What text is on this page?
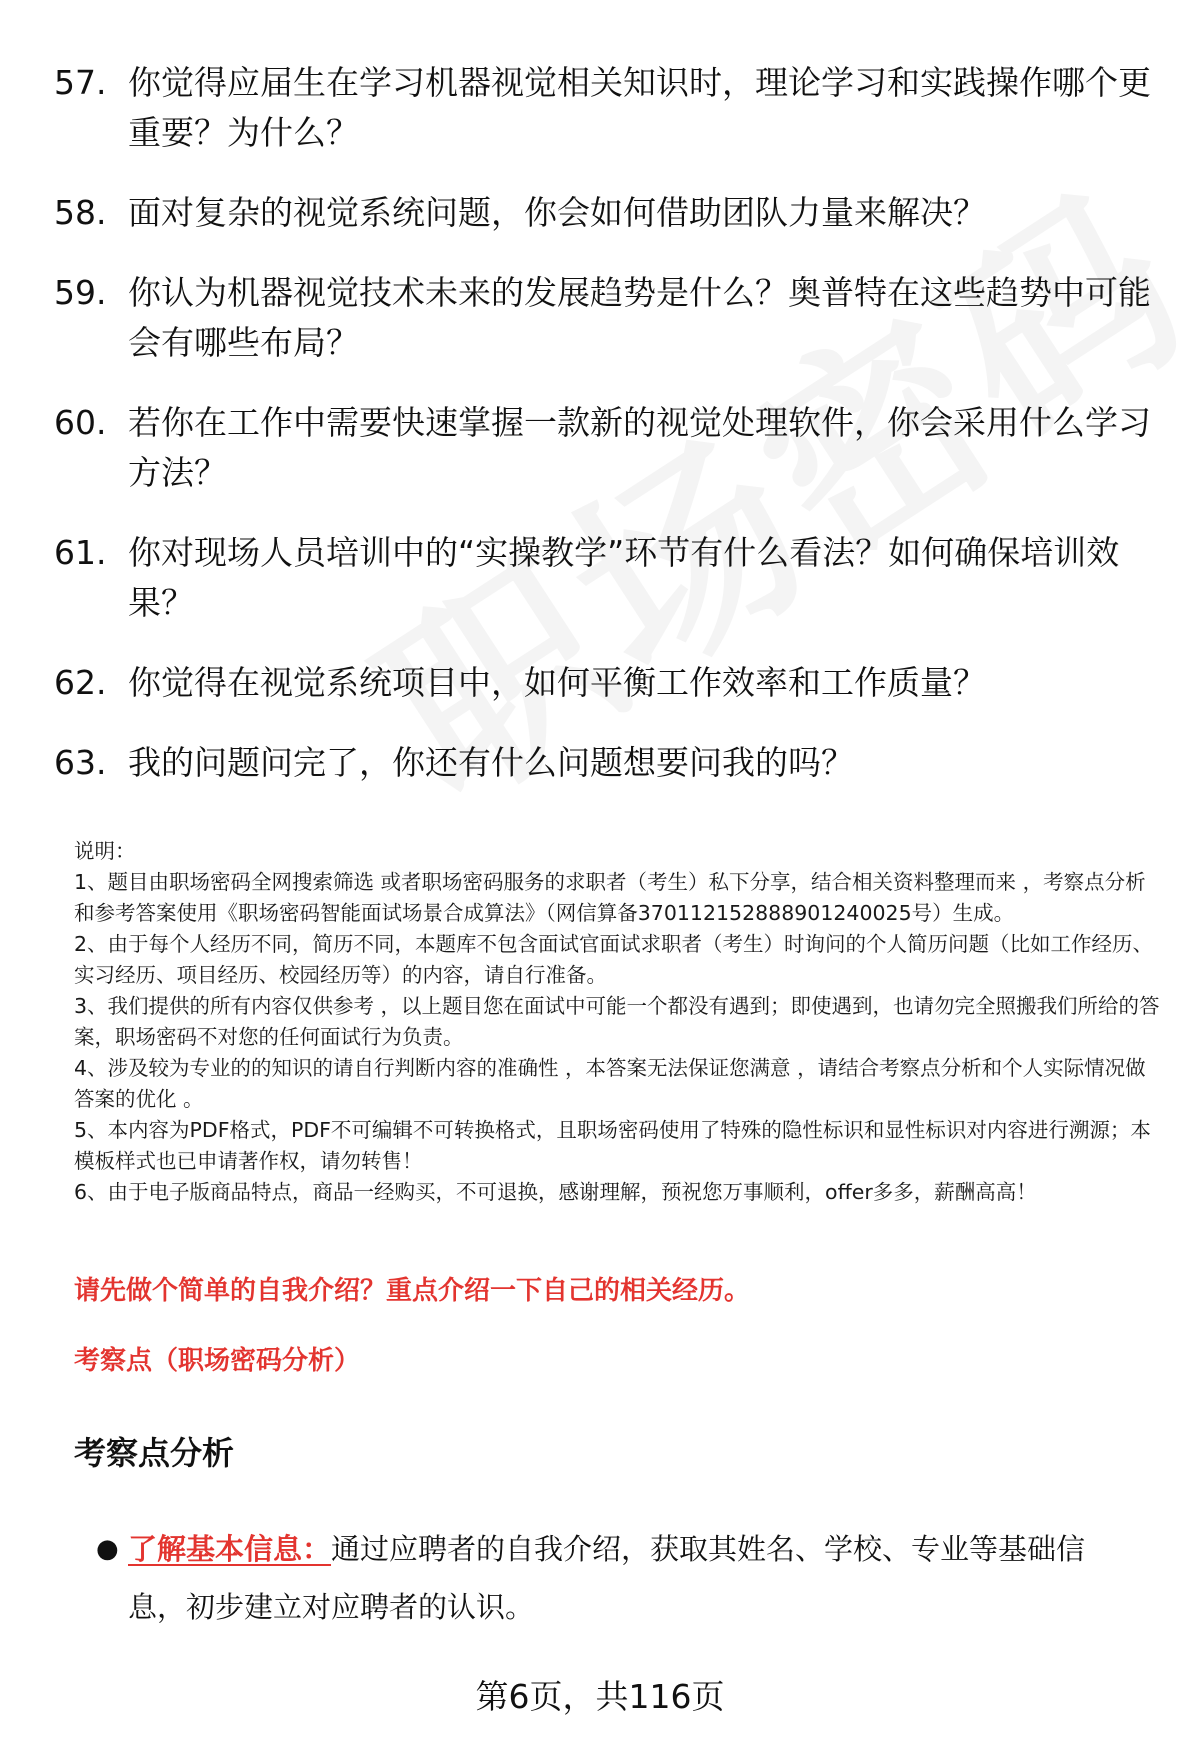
57. 你觉得应届生在学习机器视觉相关知识时，理论学习和实践操作哪个更重要？为什么？
58. 面对复杂的视觉系统问题，你会如何借助团队力量来解决？
59. 你认为机器视觉技术未来的发展趋势是什么？奥普特在这些趋势中可能会有哪些布局？
60. 若你在工作中需要快速掌握一款新的视觉处理软件，你会采用什么学习方法？
61. 你对现场人员培训中的“实操教学”环节有什么看法？如何确保培训效果？
62. 你觉得在视觉系统项目中，如何平衡工作效率和工作质量？
63. 我的问题问完了，你还有什么问题想要问我的吗？

说明：

1、题目由职场密码全网搜索筛选 或者职场密码服务的求职者（考生）私下分享，结合相关资料整理而来 ，考察点分析和参考答案使用《职场密码智能面试场景合成算法》（网信算备370112152888901240025号）生成。

2、由于每个人经历不同，简历不同，本题库不包含面试官面试求职者（考生）时询问的个人简历问题（比如工作经历、实习经历、项目经历、校园经历等）的内容，请自行准备。

3、我们提供的所有内容仅供参考 ，以上题目您在面试中可能一个都没有遇到；即使遇到，也请勿完全照搬我们所给的答案，职场密码不对您的任何面试行为负责。

4、涉及较为专业的的知识的请自行判断内容的准确性 ，本答案无法保证您满意 ，请结合考察点分析和个人实际情况做答案的优化 。

5、本内容为PDF格式，PDF不可编辑不可转换格式，且职场密码使用了特殊的隐性标识和显性标识对内容进行溯源；本模板样式也已申请著作权，请勿转售！

6、由于电子版商品特点，商品一经购买，不可退换，感谢理解，预祝您万事顺利，offer多多，薪酬高高！

请先做个简单的自我介绍？重点介绍一下自己的相关经历。
考察点（职场密码分析）
考察点分析
● 了解基本信息：通过应聘者的自我介绍，获取其姓名、学校、专业等基础信息，初步建立对应聘者的认识。
第6页，共116页
